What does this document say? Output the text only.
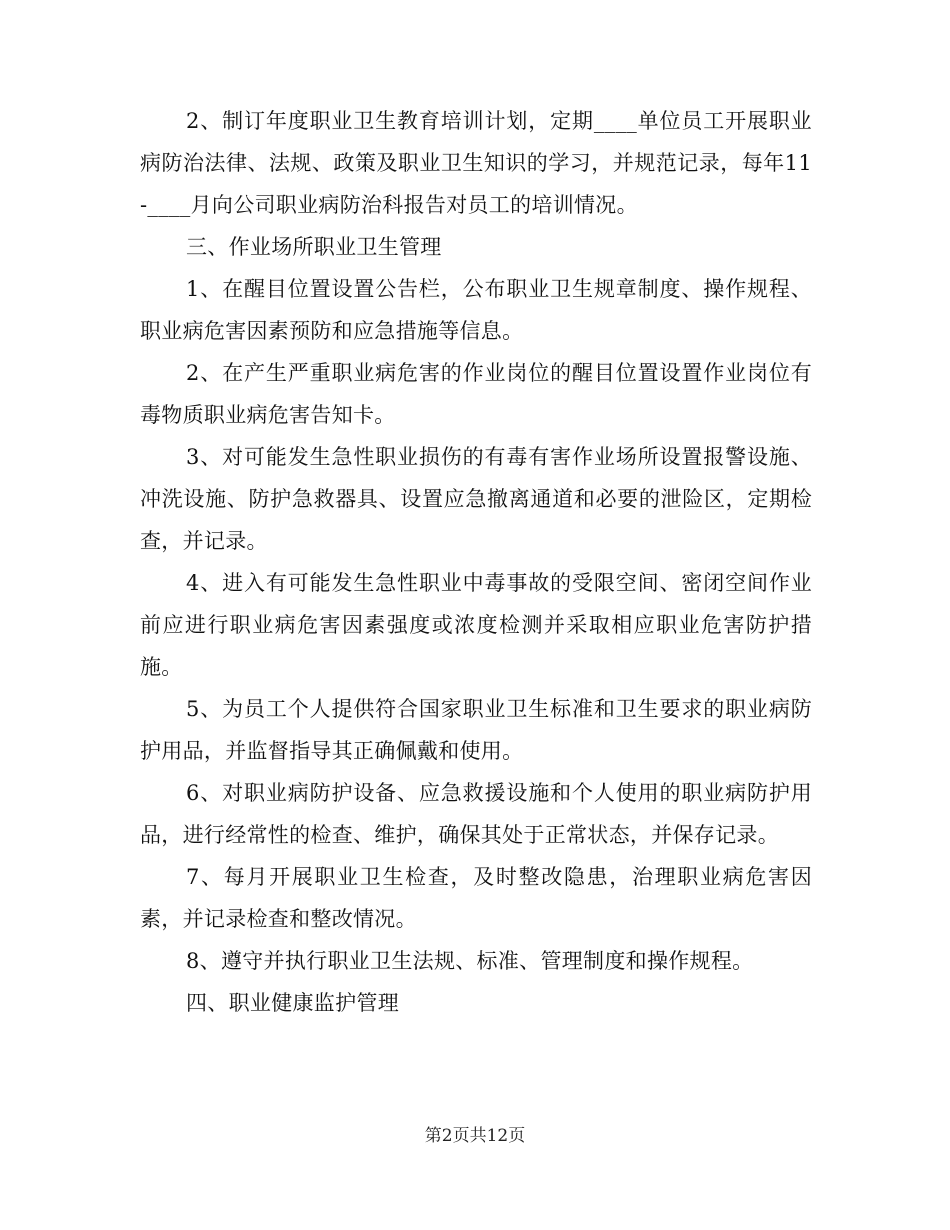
2、制订年度职业卫生教育培训计划，定期____单位员工开展职业病防治法律、法规、政策及职业卫生知识的学习，并规范记录，每年11-____月向公司职业病防治科报告对员工的培训情况。

三、作业场所职业卫生管理

1、在醒目位置设置公告栏，公布职业卫生规章制度、操作规程、职业病危害因素预防和应急措施等信息。

2、在产生严重职业病危害的作业岗位的醒目位置设置作业岗位有毒物质职业病危害告知卡。

3、对可能发生急性职业损伤的有毒有害作业场所设置报警设施、冲洗设施、防护急救器具、设置应急撤离通道和必要的泄险区，定期检查，并记录。

4、进入有可能发生急性职业中毒事故的受限空间、密闭空间作业前应进行职业病危害因素强度或浓度检测并采取相应职业危害防护措施。

5、为员工个人提供符合国家职业卫生标准和卫生要求的职业病防护用品，并监督指导其正确佩戴和使用。

6、对职业病防护设备、应急救援设施和个人使用的职业病防护用品，进行经常性的检查、维护，确保其处于正常状态，并保存记录。

7、每月开展职业卫生检查，及时整改隐患，治理职业病危害因素，并记录检查和整改情况。

8、遵守并执行职业卫生法规、标准、管理制度和操作规程。

四、职业健康监护管理

第2页共12页
